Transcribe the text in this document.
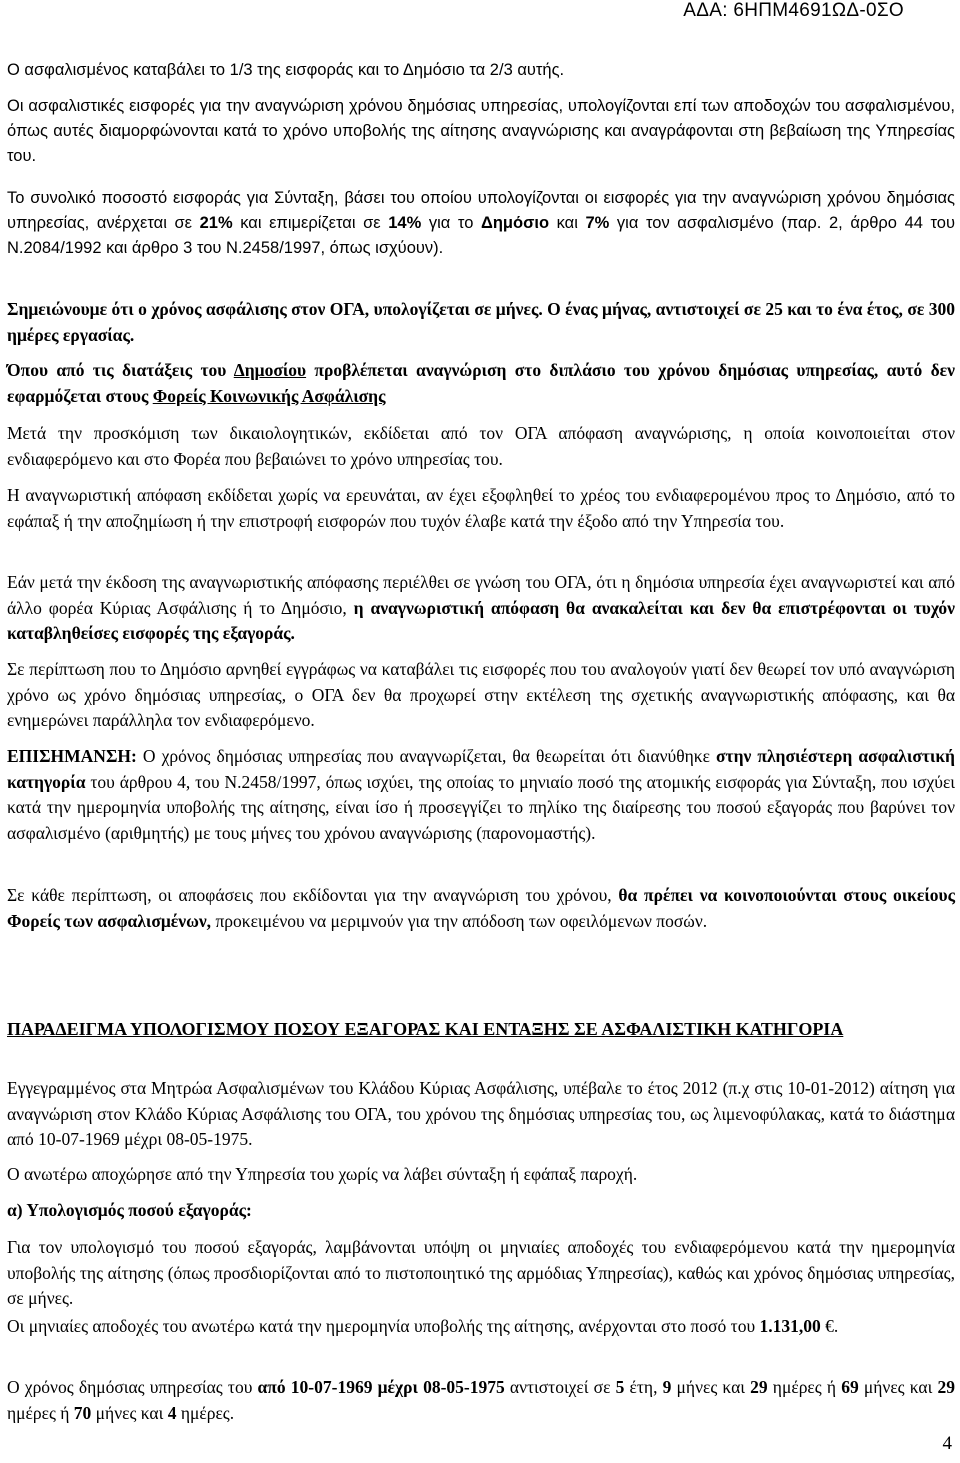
ΑΔΑ: 6ΗΠΜ4691ΩΔ-0ΣΟ

Ο ασφαλισμένος καταβάλει το 1/3 της εισφοράς και το Δημόσιο τα 2/3 αυτής.

Οι ασφαλιστικές εισφορές για την αναγνώριση χρόνου δημόσιας υπηρεσίας, υπολογίζονται επί των αποδοχών του ασφαλισμένου, όπως αυτές διαμορφώνονται κατά το χρόνο υποβολής της αίτησης αναγνώρισης και αναγράφονται στη βεβαίωση της Υπηρεσίας του.

Το συνολικό ποσοστό εισφοράς για Σύνταξη, βάσει του οποίου υπολογίζονται οι εισφορές για την αναγνώριση χρόνου δημόσιας υπηρεσίας, ανέρχεται σε 21% και επιμερίζεται σε 14% για το Δημόσιο και 7% για τον ασφαλισμένο (παρ. 2, άρθρο 44 του Ν.2084/1992 και άρθρο 3 του Ν.2458/1997, όπως ισχύουν).

Σημειώνουμε ότι ο χρόνος ασφάλισης στον ΟΓΑ, υπολογίζεται σε μήνες. Ο ένας μήνας, αντιστοιχεί σε 25 και το ένα έτος, σε 300 ημέρες εργασίας.

Όπου από τις διατάξεις του Δημοσίου προβλέπεται αναγνώριση στο διπλάσιο του χρόνου δημόσιας υπηρεσίας, αυτό δεν εφαρμόζεται στους Φορείς Κοινωνικής Ασφάλισης

Μετά την προσκόμιση των δικαιολογητικών, εκδίδεται από τον ΟΓΑ απόφαση αναγνώρισης, η οποία κοινοποιείται στον ενδιαφερόμενο και στο Φορέα που βεβαιώνει το χρόνο υπηρεσίας του.

Η αναγνωριστική απόφαση εκδίδεται χωρίς να ερευνάται, αν έχει εξοφληθεί το χρέος του ενδιαφερομένου προς το Δημόσιο, από το εφάπαξ ή την αποζημίωση ή την επιστροφή εισφορών που τυχόν έλαβε κατά την έξοδο από την Υπηρεσία του.

Εάν μετά την έκδοση της αναγνωριστικής απόφασης περιέλθει σε γνώση του ΟΓΑ, ότι η δημόσια υπηρεσία έχει αναγνωριστεί και από άλλο φορέα Κύριας Ασφάλισης ή το Δημόσιο, η αναγνωριστική απόφαση θα ανακαλείται και δεν θα επιστρέφονται οι τυχόν καταβληθείσες εισφορές της εξαγοράς.

Σε περίπτωση που το Δημόσιο αρνηθεί εγγράφως να καταβάλει τις εισφορές που του αναλογούν γιατί δεν θεωρεί τον υπό αναγνώριση χρόνο ως χρόνο δημόσιας υπηρεσίας, ο ΟΓΑ δεν θα προχωρεί στην εκτέλεση της σχετικής αναγνωριστικής απόφασης, και θα ενημερώνει παράλληλα τον ενδιαφερόμενο.

ΕΠΙΣΗΜΑΝΣΗ: Ο χρόνος δημόσιας υπηρεσίας που αναγνωρίζεται, θα θεωρείται ότι διανύθηκε στην πλησιέστερη ασφαλιστική κατηγορία του άρθρου 4, του Ν.2458/1997, όπως ισχύει, της οποίας το μηνιαίο ποσό της ατομικής εισφοράς για Σύνταξη, που ισχύει κατά την ημερομηνία υποβολής της αίτησης, είναι ίσο ή προσεγγίζει το πηλίκο της διαίρεσης του ποσού εξαγοράς που βαρύνει τον ασφαλισμένο (αριθμητής) με τους μήνες του χρόνου αναγνώρισης (παρονομαστής).

Σε κάθε περίπτωση, οι αποφάσεις που εκδίδονται για την αναγνώριση του χρόνου, θα πρέπει να κοινοποιούνται στους οικείους Φορείς των ασφαλισμένων, προκειμένου να μεριμνούν για την απόδοση των οφειλόμενων ποσών.

ΠΑΡΑΔΕΙΓΜΑ ΥΠΟΛΟΓΙΣΜΟΥ ΠΟΣΟΥ ΕΞΑΓΟΡΑΣ ΚΑΙ ΕΝΤΑΞΗΣ ΣΕ ΑΣΦΑΛΙΣΤΙΚΗ ΚΑΤΗΓΟΡΙΑ

Εγγεγραμμένος στα Μητρώα Ασφαλισμένων του Κλάδου Κύριας Ασφάλισης, υπέβαλε το έτος 2012 (π.χ στις 10-01-2012) αίτηση για αναγνώριση στον Κλάδο Κύριας Ασφάλισης του ΟΓΑ, του χρόνου της δημόσιας υπηρεσίας του, ως λιμενοφύλακας, κατά το διάστημα από 10-07-1969 μέχρι 08-05-1975.

Ο ανωτέρω αποχώρησε από την Υπηρεσία του χωρίς να λάβει σύνταξη ή εφάπαξ παροχή.

α) Υπολογισμός ποσού εξαγοράς:

Για τον υπολογισμό του ποσού εξαγοράς, λαμβάνονται υπόψη οι μηνιαίες αποδοχές του ενδιαφερόμενου κατά την ημερομηνία υποβολής της αίτησης (όπως προσδιορίζονται από το πιστοποιητικό της αρμόδιας Υπηρεσίας), καθώς και χρόνος δημόσιας υπηρεσίας, σε μήνες.

Οι μηνιαίες αποδοχές του ανωτέρω κατά την ημερομηνία υποβολής της αίτησης, ανέρχονται στο ποσό του 1.131,00 €.

Ο χρόνος δημόσιας υπηρεσίας του από 10-07-1969 μέχρι 08-05-1975 αντιστοιχεί σε 5 έτη, 9 μήνες και 29 ημέρες ή 69 μήνες και 29 ημέρες ή 70 μήνες και 4 ημέρες.

4
